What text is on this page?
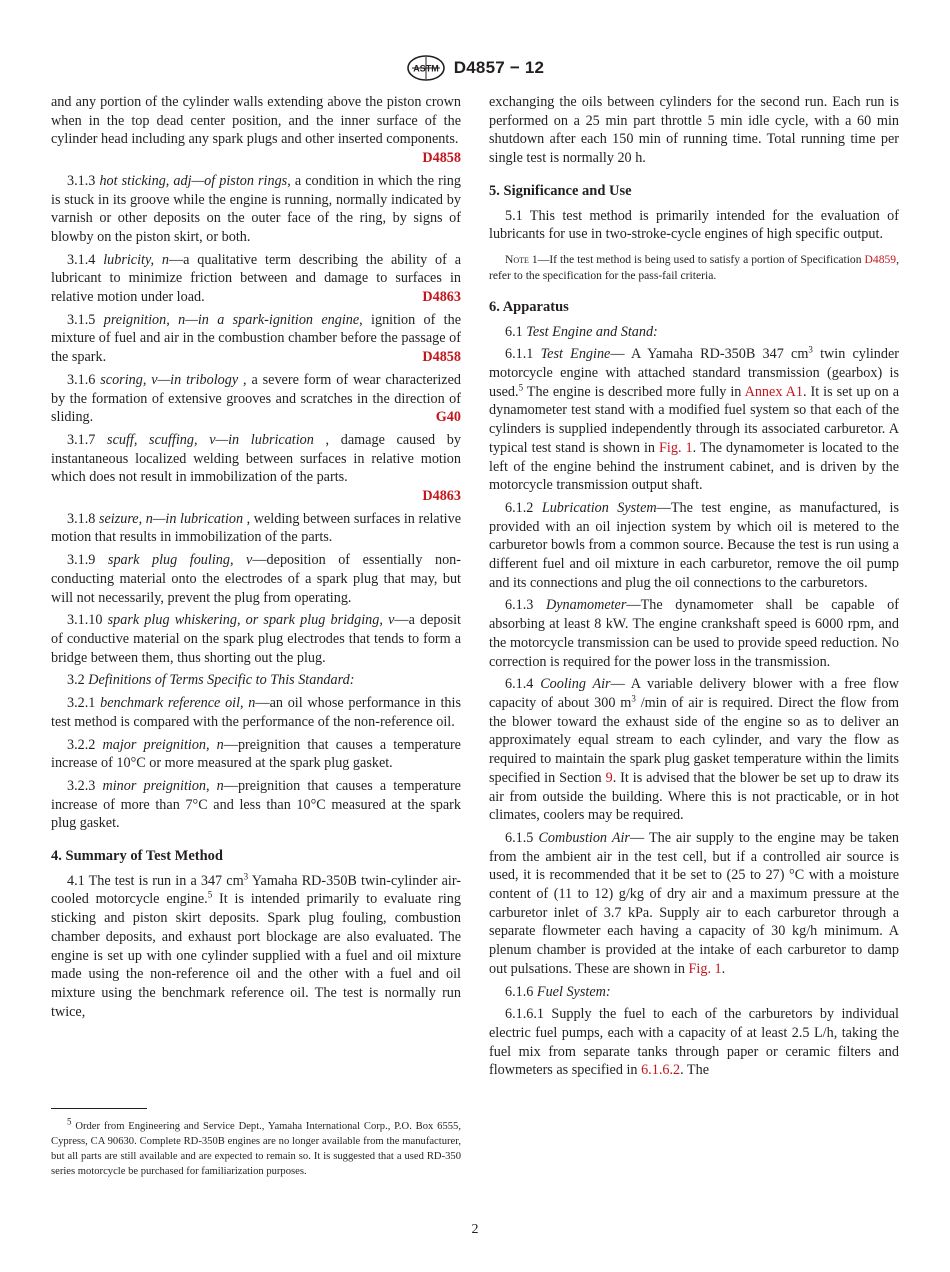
ASTM D4857 − 12

and any portion of the cylinder walls extending above the piston crown when in the top dead center position, and the inner surface of the cylinder head including any spark plugs and other inserted components.
D4858

3.1.3 hot sticking, adj—of piston rings, a condition in which the ring is stuck in its groove while the engine is running, normally indicated by varnish or other deposits on the outer face of the ring, by signs of blowby on the piston skirt, or both.

3.1.4 lubricity, n—a qualitative term describing the ability of a lubricant to minimize friction between and damage to surfaces in relative motion under load.	D4863

3.1.5 preignition, n—in a spark-ignition engine, ignition of the mixture of fuel and air in the combustion chamber before the passage of the spark.	D4858

3.1.6 scoring, v—in tribology , a severe form of wear characterized by the formation of extensive grooves and scratches in the direction of sliding.	G40

3.1.7 scuff, scuffing, v—in lubrication , damage caused by instantaneous localized welding between surfaces in relative motion which does not result in immobilization of the parts.
D4863

3.1.8 seizure, n—in lubrication , welding between surfaces in relative motion that results in immobilization of the parts.

3.1.9 spark plug fouling, v—deposition of essentially non-conducting material onto the electrodes of a spark plug that may, but will not necessarily, prevent the plug from operating.

3.1.10 spark plug whiskering, or spark plug bridging, v—a deposit of conductive material on the spark plug electrodes that tends to form a bridge between them, thus shorting out the plug.

3.2 Definitions of Terms Specific to This Standard:

3.2.1 benchmark reference oil, n—an oil whose performance in this test method is compared with the performance of the non-reference oil.

3.2.2 major preignition, n—preignition that causes a temperature increase of 10°C or more measured at the spark plug gasket.

3.2.3 minor preignition, n—preignition that causes a temperature increase of more than 7°C and less than 10°C measured at the spark plug gasket.

4. Summary of Test Method

4.1 The test is run in a 347 $cm^3$ Yamaha RD-350B twin-cylinder air-cooled motorcycle engine.$^5$ It is intended primarily to evaluate ring sticking and piston skirt deposits. Spark plug fouling, combustion chamber deposits, and exhaust port blockage are also evaluated. The engine is set up with one cylinder supplied with a fuel and oil mixture made using the non-reference oil and the other with a fuel and oil mixture using the benchmark reference oil. The test is normally run twice,

$^5$ Order from Engineering and Service Dept., Yamaha International Corp., P.O. Box 6555, Cypress, CA 90630. Complete RD-350B engines are no longer available from the manufacturer, but all parts are still available and are expected to remain so. It is suggested that a used RD-350 series motorcycle be purchased for familiarization purposes.

exchanging the oils between cylinders for the second run. Each run is performed on a 25 min part throttle 5 min idle cycle, with a 60 min shutdown after each 150 min of running time. Total running time per single test is normally 20 h.

5. Significance and Use

5.1 This test method is primarily intended for the evaluation of lubricants for use in two-stroke-cycle engines of high specific output.

Note 1—If the test method is being used to satisfy a portion of Specification D4859, refer to the specification for the pass-fail criteria.

6. Apparatus

6.1 Test Engine and Stand:

6.1.1 Test Engine— A Yamaha RD-350B 347 $cm^3$ twin cylinder motorcycle engine with attached standard transmission (gearbox) is used.$^5$ The engine is described more fully in Annex A1. It is set up on a dynamometer test stand with a modified fuel system so that each of the cylinders is supplied independently through its associated carburetor. A typical test stand is shown in Fig. 1. The dynamometer is located to the left of the engine behind the instrument cabinet, and is driven by the motorcycle transmission output shaft.

6.1.2 Lubrication System—The test engine, as manufactured, is provided with an oil injection system by which oil is metered to the carburetor bowls from a common source. Because the test is run using a different fuel and oil mixture in each carburetor, remove the oil pump and its connections and plug the oil connections to the carburetors.

6.1.3 Dynamometer—The dynamometer shall be capable of absorbing at least 8 kW. The engine crankshaft speed is 6000 rpm, and the motorcycle transmission can be used to provide speed reduction. No correction is required for the power loss in the transmission.

6.1.4 Cooling Air— A variable delivery blower with a free flow capacity of about 300 $m^3$ /min of air is required. Direct the flow from the blower toward the exhaust side of the engine so as to deliver an approximately equal stream to each cylinder, and vary the flow as required to maintain the spark plug gasket temperature within the limits specified in Section 9. It is advised that the blower be set up to draw its air from outside the building. Where this is not practicable, or in hot climates, coolers may be required.

6.1.5 Combustion Air— The air supply to the engine may be taken from the ambient air in the test cell, but if a controlled air source is used, it is recommended that it be set to (25 to 27) °C with a moisture content of (11 to 12) g/kg of dry air and a maximum pressure at the carburetor inlet of 3.7 kPa. Supply air to each carburetor through a separate flowmeter each having a capacity of 30 kg/h minimum. A plenum chamber is provided at the intake of each carburetor to damp out pulsations. These are shown in Fig. 1.

6.1.6 Fuel System:

6.1.6.1 Supply the fuel to each of the carburetors by individual electric fuel pumps, each with a capacity of at least 2.5 L/h, taking the fuel mix from separate tanks through paper or ceramic filters and flowmeters as specified in 6.1.6.2. The

2
